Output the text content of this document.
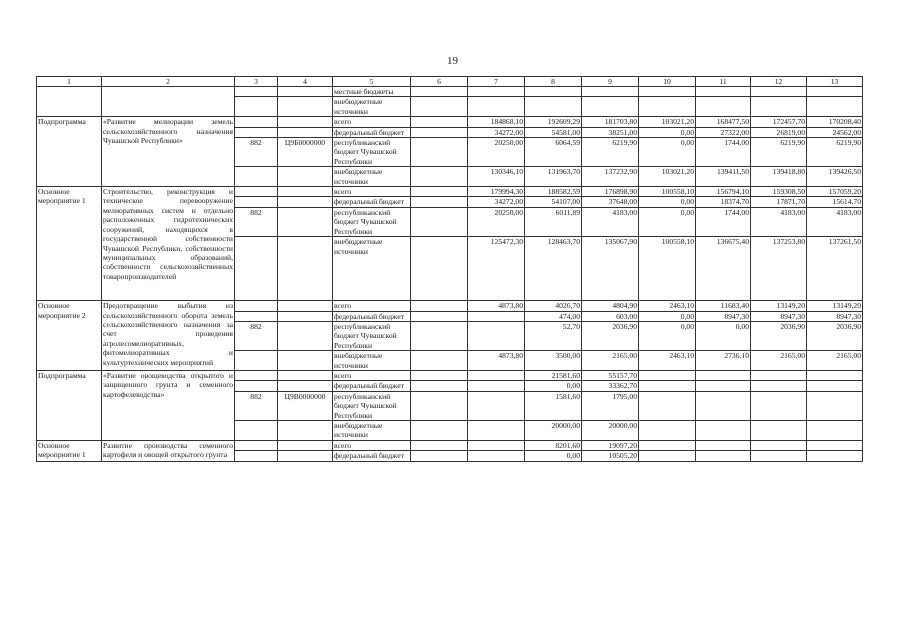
19
1	2	3	4	5	6	7	8	9	10	11	12	13
				местные бюджеты								
				внебюджетные источники								
Подпрограмма	«Развитие мелиорации земель сельскохозяйственного назначения Чувашской Республики»			всего		184868,10	192609,29	181703,80	103021,20	168477,50	172457,70	170208,40
				федеральный бюджет		34272,00	54581,00	38251,00	0,00	27322,00	26819,00	24562,00
		882	Ц9Б0000000	республиканский бюджет Чувашской Республики		20250,00	6064,59	6219,90	0,00	1744,00	6219,90	6219,90
				внебюджетные источники		130346,10	131963,70	137232,90	103021,20	139411,50	139418,80	139426,50
Основное мероприятие 1	Строительство, реконструкция и техническое перевооружение мелиоративных систем и отдельно расположенных гидротехнических сооружений, находящихся в государственной собственности Чувашской Республики, собственности муниципальных образований, собственности сельскохозяйственных товаропроизводителей			всего		179994,30	188582,59	176898,90	100558,10	156794,10	159308,50	157059,20
				федеральный бюджет		34272,00	54107,00	37648,00	0,00	18374,70	17871,70	15614,70
		882		республиканский бюджет Чувашской Республики		20250,00	6011,89	4183,00	0,00	1744,00	4183,00	4183,00
				внебюджетные источники		125472,30	128463,70	135067,90	100558,10	136675,40	137253,80	137261,50
Основное мероприятие 2	Предотвращение выбытия из сельскохозяйственного оборота земель сельскохозяйственного назначения за счет проведения агролесомелиоративных, фитомелиоративных и культуртехнических мероприятий			всего		4873,80	4026,70	4804,90	2463,10	11683,40	13149,20	13149,20
				федеральный бюджет			474,00	603,00	0,00	8947,30	8947,30	8947,30
		882		республиканский бюджет Чувашской Республики			52,70	2036,90	0,00	0,00	2036,90	2036,90
				внебюджетные источники		4873,80	3500,00	2165,00	2463,10	2736,10	2165,00	2165,00
Подпрограмма	«Развитие овощеводства открытого и защищенного грунта и семенного картофелеводства»			всего			21581,60	55157,70				
				федеральный бюджет			0,00	33362,70				
		882	Ц9В0000000	республиканский бюджет Чувашской Республики			1581,60	1795,00				
				внебюджетные источники			20000,00	20000,00				
Основное мероприятие 1	Развитие производства семенного картофеля и овощей открытого грунта			всего			8201,60	19097,20				
				федеральный бюджет			0,00	10505,20				
